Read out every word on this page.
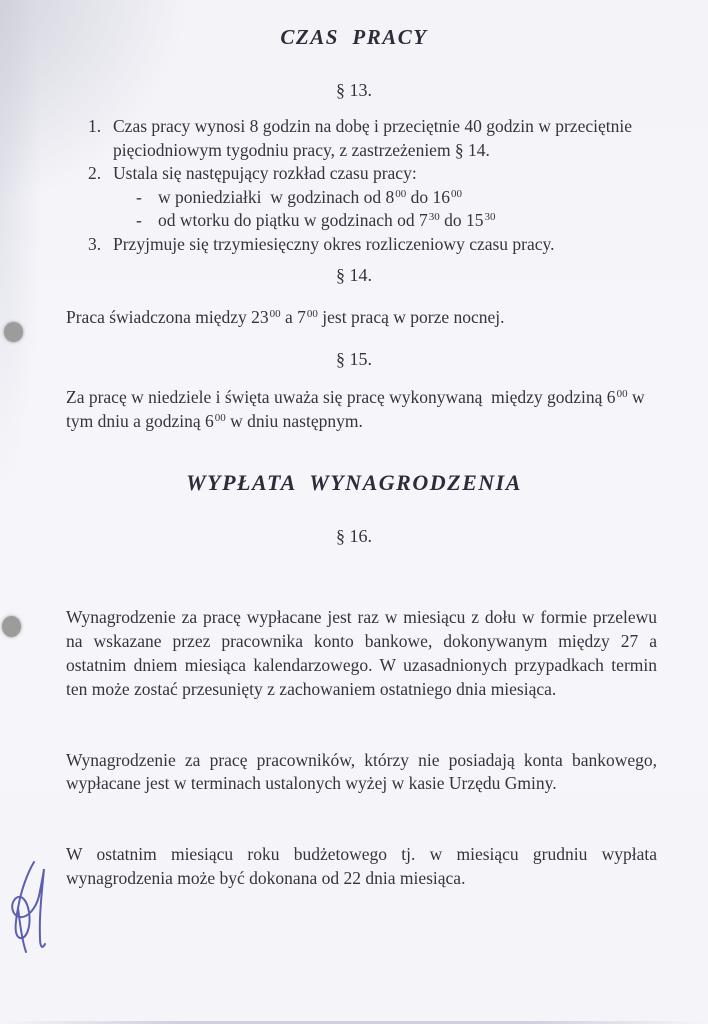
CZAS  PRACY
§ 13.
1. Czas pracy wynosi 8 godzin na dobę i przeciętnie 40 godzin w przeciętnie pięciodniowym tygodniu pracy, z zastrzeżeniem § 14.
2. Ustala się następujący rozkład czasu pracy:
- w poniedziałki  w godzinach od $8^{00}$ do $16^{00}$
- od wtorku do piątku w godzinach od $7^{30}$ do $15^{30}$
3. Przyjmuje się trzymiesięczny okres rozliczeniowy czasu pracy.
§ 14.
Praca świadczona między $23^{00}$ a $7^{00}$ jest pracą w porze nocnej.
§ 15.
Za pracę w niedziele i święta uważa się pracę wykonywaną  między godziną $6^{00}$ w tym dniu a godziną $6^{00}$ w dniu następnym.
WYPŁATA  WYNAGRODZENIA
§ 16.

Wynagrodzenie za pracę wypłacane jest raz w miesiącu z dołu w formie przelewu na wskazane przez pracownika konto bankowe, dokonywanym między 27 a ostatnim dniem miesiąca kalendarzowego. W uzasadnionych przypadkach termin ten może zostać przesunięty z zachowaniem ostatniego dnia miesiąca.

Wynagrodzenie za pracę pracowników, którzy nie posiadają konta bankowego, wypłacane jest w terminach ustalonych wyżej w kasie Urzędu Gminy.

W ostatnim miesiącu roku budżetowego tj. w miesiącu grudniu wypłata wynagrodzenia może być dokonana od 22 dnia miesiąca.
